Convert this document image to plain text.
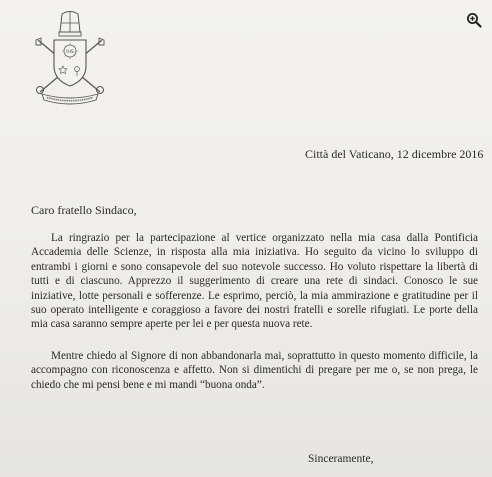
IHS
Città del Vaticano, 12 dicembre 2016
Caro fratello Sindaco,

La ringrazio per la partecipazione al vertice organizzato nella mia casa dalla Pontificia Accademia delle Scienze, in risposta alla mia iniziativa. Ho seguito da vicino lo sviluppo di entrambi i giorni e sono consapevole del suo notevole successo. Ho voluto rispettare la libertà di tutti e di ciascuno. Apprezzo il suggerimento di creare una rete di sindaci. Conosco le sue iniziative, lotte personali e sofferenze. Le esprimo, perciò, la mia ammirazione e gratitudine per il suo operato intelligente e coraggioso a favore dei nostri fratelli e sorelle rifugiati. Le porte della mia casa saranno sempre aperte per lei e per questa nuova rete.

Mentre chiedo al Signore di non abbandonarla mai, soprattutto in questo momento difficile, la accompagno con riconoscenza e affetto. Non si dimentichi di pregare per me o, se non prega, le chiedo che mi pensi bene e mi mandi “buona onda”.

Sinceramente,
